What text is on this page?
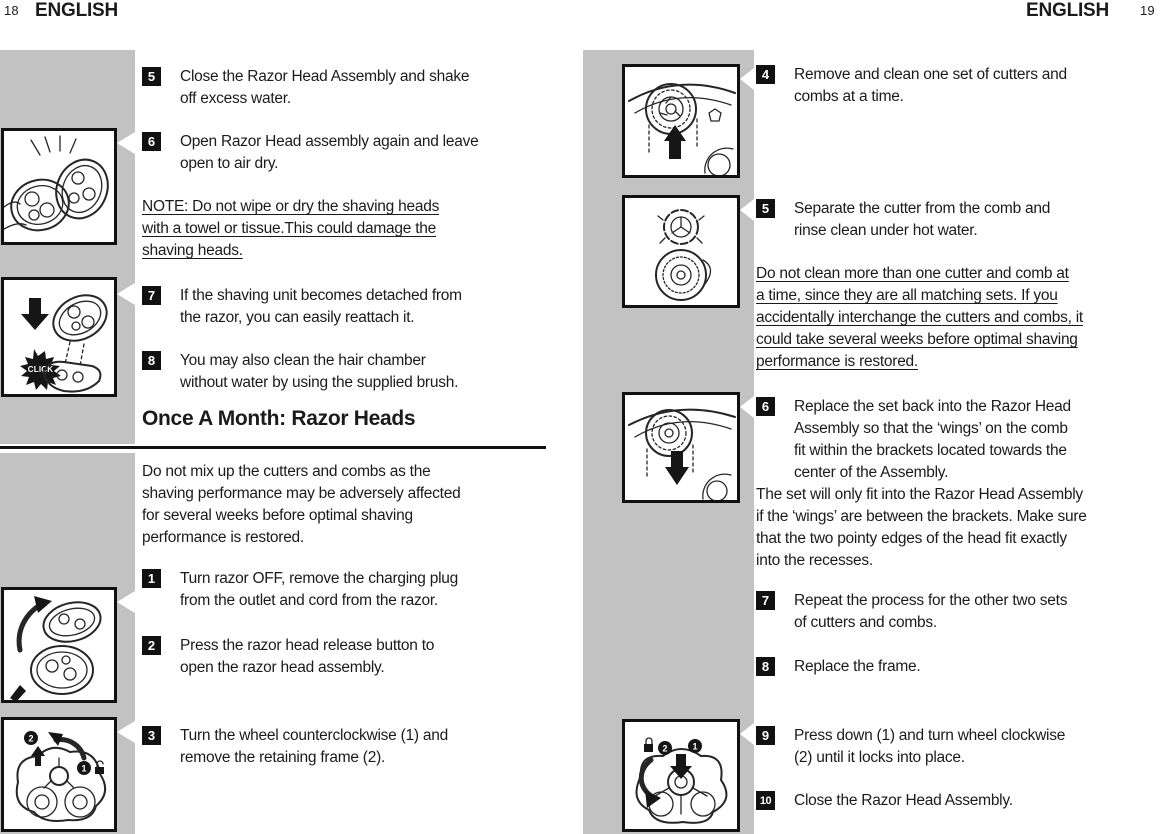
18 ENGLISH
CLICK
2
1
5	Close the Razor Head Assembly and shake
off excess water.
6	Open Razor Head assembly again and leave
open to air dry.
NOTE: Do not wipe or dry the shaving heads
with a towel or tissue.This could damage the
shaving heads.
7	If the shaving unit becomes detached from
the razor, you can easily reattach it.
8	You may also clean the hair chamber
without water by using the supplied brush.
Once A Month: Razor Heads
Do not mix up the cutters and combs as the
shaving performance may be adversely affected
for several weeks before optimal shaving
performance is restored.
1	Turn razor OFF, remove the charging plug
from the outlet and cord from the razor.
2	Press the razor head release button to
open the razor head assembly.
3	Turn the wheel counterclockwise (1) and
remove the retaining frame (2).
ENGLISH 19
1
2
4	Remove and clean one set of cutters and
combs at a time.
5	Separate the cutter from the comb and
rinse clean under hot water.
Do not clean more than one cutter and comb at
a time, since they are all matching sets. If you
accidentally interchange the cutters and combs, it
could take several weeks before optimal shaving
performance is restored.
6	Replace the set back into the Razor Head
Assembly so that the ‘wings’ on the comb
fit within the brackets located towards the
center of the Assembly.
The set will only fit into the Razor Head Assembly
if the ‘wings’ are between the brackets. Make sure
that the two pointy edges of the head fit exactly
into the recesses.
7	Repeat the process for the other two sets
of cutters and combs.
8	Replace the frame.
9	Press down (1) and turn wheel clockwise
(2) until it locks into place.
10 Close the Razor Head Assembly.
